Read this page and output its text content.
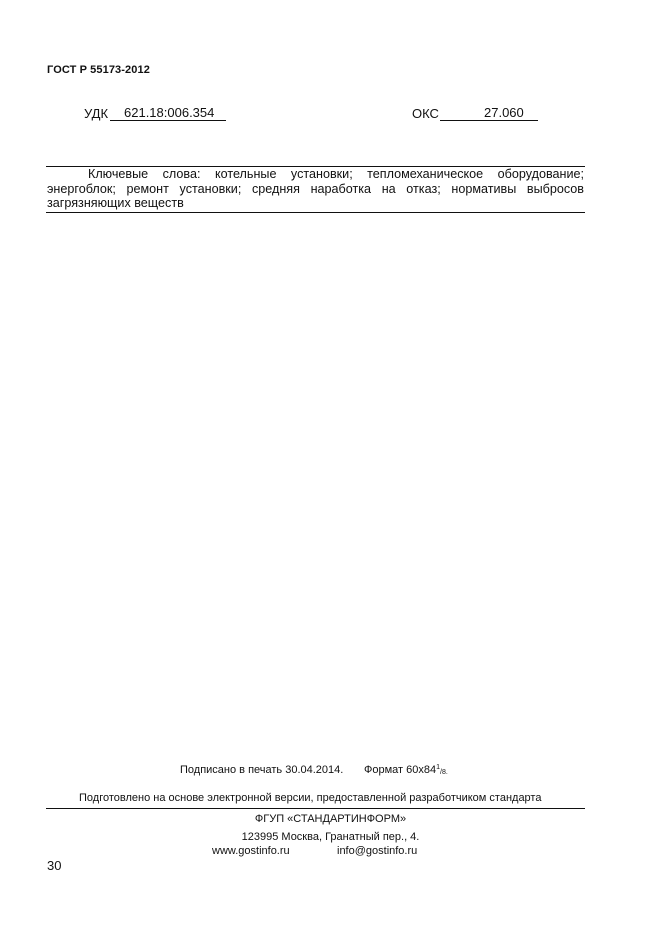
ГОСТ Р 55173-2012
УДК	621.18:006.354	ОКС	27.060
Ключевые слова: котельные установки; тепломеханическое оборудование; энергоблок; ремонт установки; средняя наработка на отказ; нормативы выбросов загрязняющих веществ
Подписано в печать 30.04.2014. Формат $60х84^1_{/8.}$
Подготовлено на основе электронной версии, предоставленной разработчиком стандарта
ФГУП «СТАНДАРТИНФОРМ»
123995 Москва, Гранатный пер., 4.
www.gostinfo.ru	info@gostinfo.ru
30
